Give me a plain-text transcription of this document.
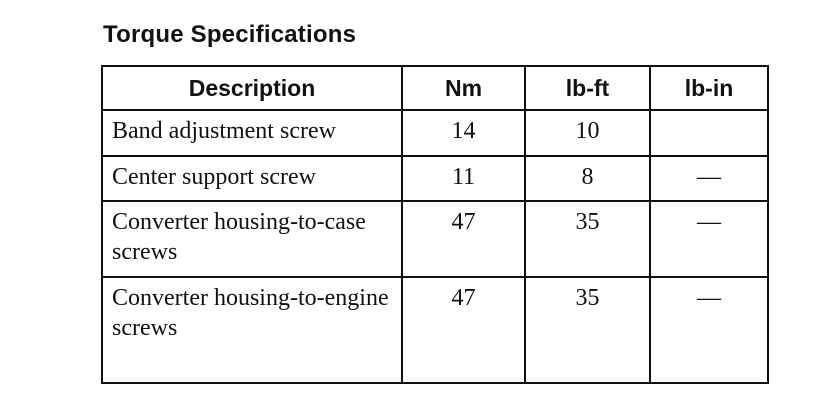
Torque Specifications
Description	Nm	lb-ft	lb-in
Band adjustment screw	14	10	
Center support screw	11	8	—
Converter housing-to-case screws	47	35	—
Converter housing-to-engine screws	47	35	—
